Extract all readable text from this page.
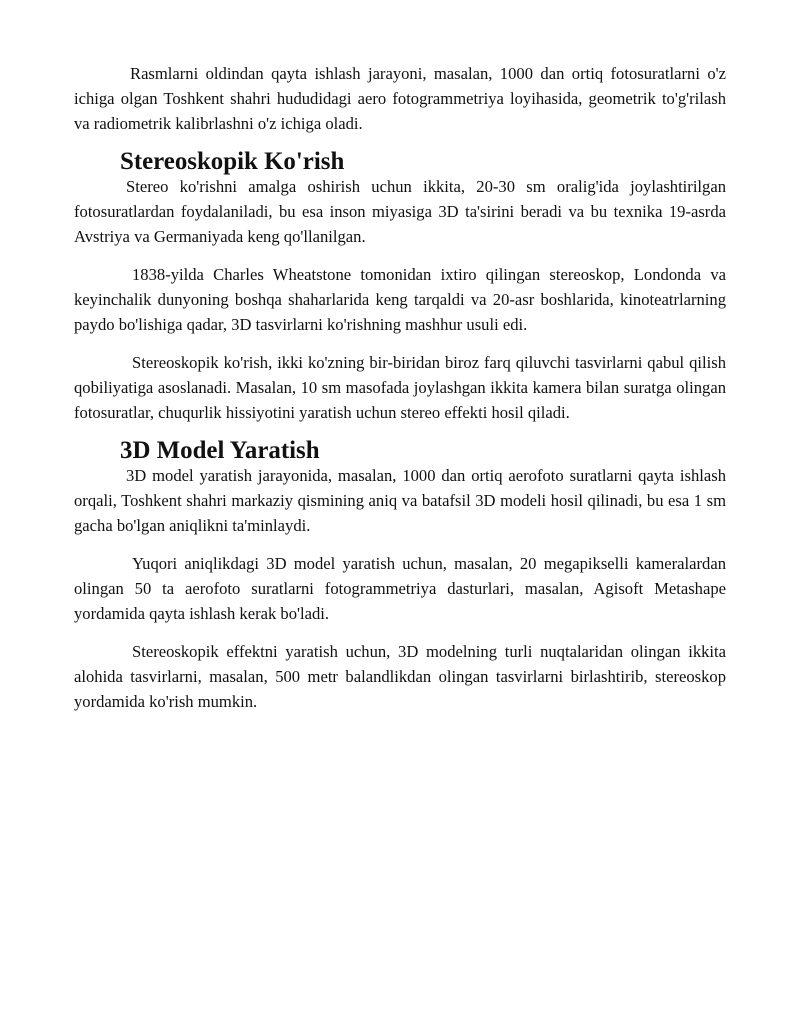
Rasmlarni oldindan qayta ishlash jarayoni, masalan, 1000 dan ortiq fotosuratlarni o'z ichiga olgan Toshkent shahri hududidagi aero fotogrammetriya loyihasida, geometrik to'g'rilash va radiometrik kalibrlashni o'z ichiga oladi.

Stereoskopik Ko'rish

Stereo ko'rishni amalga oshirish uchun ikkita, 20-30 sm oralig'ida joylashtirilgan fotosuratlardan foydalaniladi, bu esa inson miyasiga 3D ta'sirini beradi va bu texnika 19-asrda Avstriya va Germaniyada keng qo'llanilgan.

1838-yilda Charles Wheatstone tomonidan ixtiro qilingan stereoskop, Londonda va keyinchalik dunyoning boshqa shaharlarida keng tarqaldi va 20-asr boshlarida, kinoteatrlarning paydo bo'lishiga qadar, 3D tasvirlarni ko'rishning mashhur usuli edi.

Stereoskopik ko'rish, ikki ko'zning bir-biridan biroz farq qiluvchi tasvirlarni qabul qilish qobiliyatiga asoslanadi. Masalan, 10 sm masofada joylashgan ikkita kamera bilan suratga olingan fotosuratlar, chuqurlik hissiyotini yaratish uchun stereo effekti hosil qiladi.

3D Model Yaratish

3D model yaratish jarayonida, masalan, 1000 dan ortiq aerofoto suratlarni qayta ishlash orqali, Toshkent shahri markaziy qismining aniq va batafsil 3D modeli hosil qilinadi, bu esa 1 sm gacha bo'lgan aniqlikni ta'minlaydi.

Yuqori aniqlikdagi 3D model yaratish uchun, masalan, 20 megapikselli kameralardan olingan 50 ta aerofoto suratlarni fotogrammetriya dasturlari, masalan, Agisoft Metashape yordamida qayta ishlash kerak bo'ladi.

Stereoskopik effektni yaratish uchun, 3D modelning turli nuqtalaridan olingan ikkita alohida tasvirlarni, masalan, 500 metr balandlikdan olingan tasvirlarni birlashtirib, stereoskop yordamida ko'rish mumkin.
